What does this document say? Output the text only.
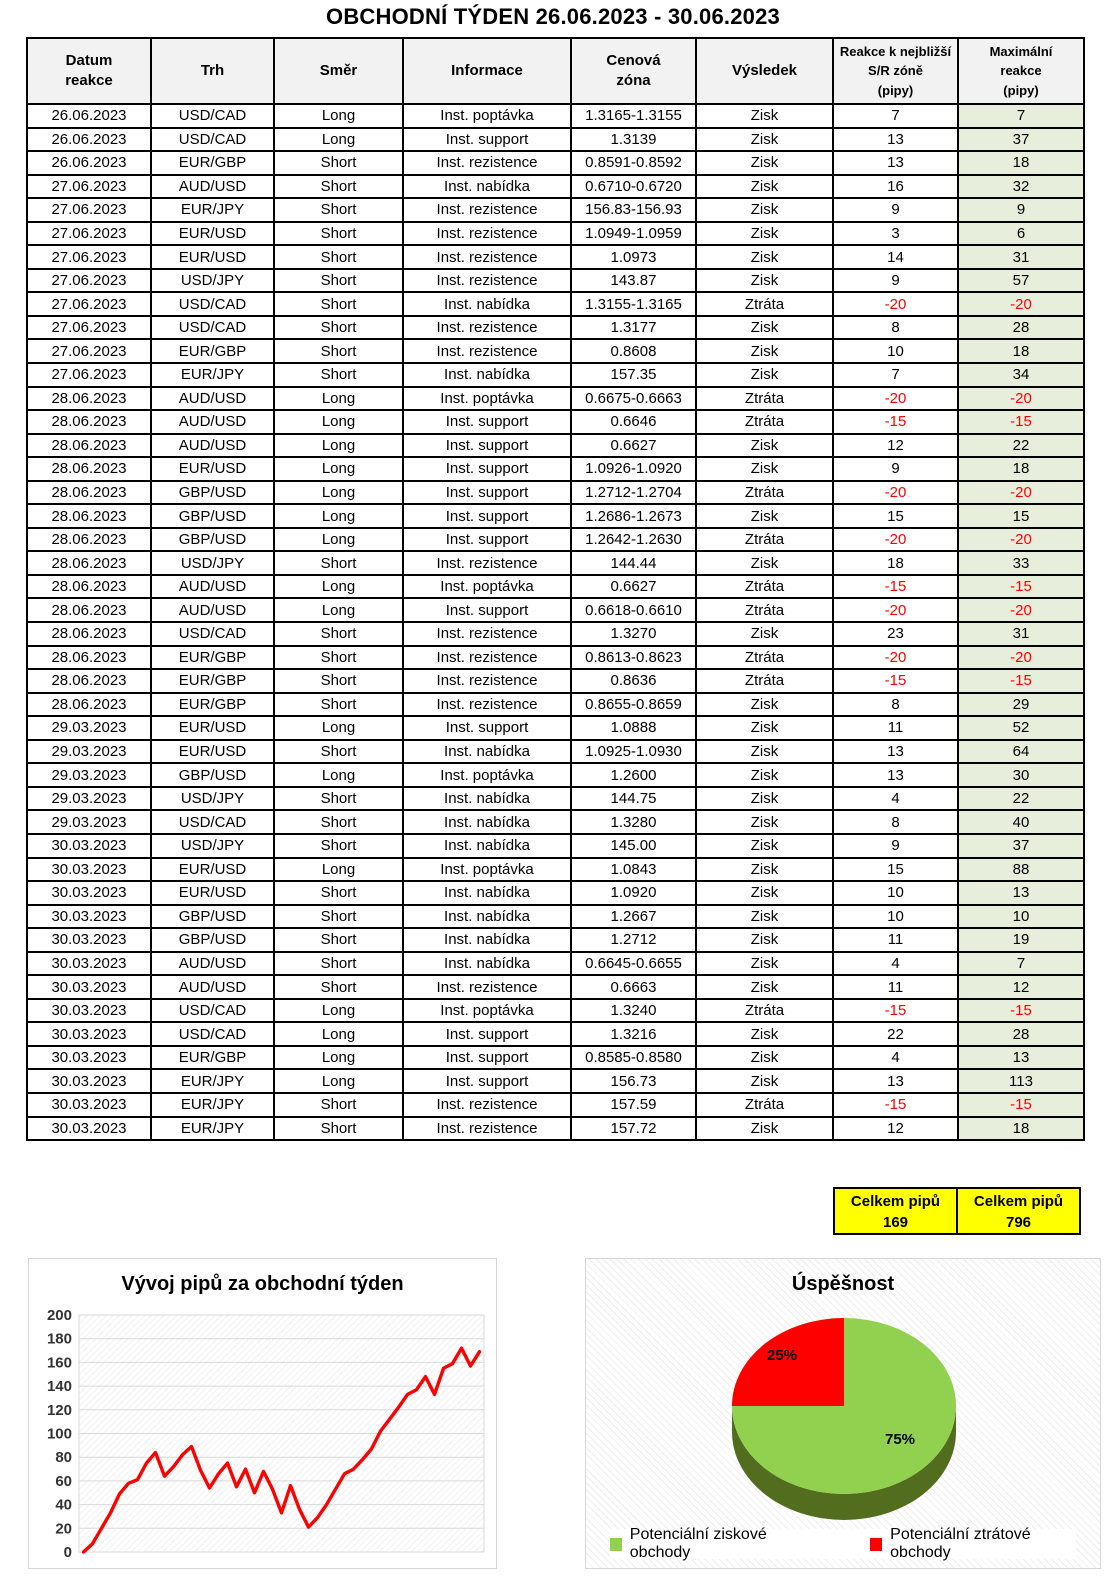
OBCHODNÍ TÝDEN 26.06.2023 - 30.06.2023
Datum
reakce	Trh	Směr	Informace	Cenová
zóna	Výsledek	Reakce k nejbližší
S/R zóně
(pipy)	Maximální
reakce
(pipy)
26.06.2023	USD/CAD	Long	Inst. poptávka	1.3165-1.3155	Zisk	7	7
26.06.2023	USD/CAD	Long	Inst. support	1.3139	Zisk	13	37
26.06.2023	EUR/GBP	Short	Inst. rezistence	0.8591-0.8592	Zisk	13	18
27.06.2023	AUD/USD	Short	Inst. nabídka	0.6710-0.6720	Zisk	16	32
27.06.2023	EUR/JPY	Short	Inst. rezistence	156.83-156.93	Zisk	9	9
27.06.2023	EUR/USD	Short	Inst. rezistence	1.0949-1.0959	Zisk	3	6
27.06.2023	EUR/USD	Short	Inst. rezistence	1.0973	Zisk	14	31
27.06.2023	USD/JPY	Short	Inst. rezistence	143.87	Zisk	9	57
27.06.2023	USD/CAD	Short	Inst. nabídka	1.3155-1.3165	Ztráta	-20	-20
27.06.2023	USD/CAD	Short	Inst. rezistence	1.3177	Zisk	8	28
27.06.2023	EUR/GBP	Short	Inst. rezistence	0.8608	Zisk	10	18
27.06.2023	EUR/JPY	Short	Inst. nabídka	157.35	Zisk	7	34
28.06.2023	AUD/USD	Long	Inst. poptávka	0.6675-0.6663	Ztráta	-20	-20
28.06.2023	AUD/USD	Long	Inst. support	0.6646	Ztráta	-15	-15
28.06.2023	AUD/USD	Long	Inst. support	0.6627	Zisk	12	22
28.06.2023	EUR/USD	Long	Inst. support	1.0926-1.0920	Zisk	9	18
28.06.2023	GBP/USD	Long	Inst. support	1.2712-1.2704	Ztráta	-20	-20
28.06.2023	GBP/USD	Long	Inst. support	1.2686-1.2673	Zisk	15	15
28.06.2023	GBP/USD	Long	Inst. support	1.2642-1.2630	Ztráta	-20	-20
28.06.2023	USD/JPY	Short	Inst. rezistence	144.44	Zisk	18	33
28.06.2023	AUD/USD	Long	Inst. poptávka	0.6627	Ztráta	-15	-15
28.06.2023	AUD/USD	Long	Inst. support	0.6618-0.6610	Ztráta	-20	-20
28.06.2023	USD/CAD	Short	Inst. rezistence	1.3270	Zisk	23	31
28.06.2023	EUR/GBP	Short	Inst. rezistence	0.8613-0.8623	Ztráta	-20	-20
28.06.2023	EUR/GBP	Short	Inst. rezistence	0.8636	Ztráta	-15	-15
28.06.2023	EUR/GBP	Short	Inst. rezistence	0.8655-0.8659	Zisk	8	29
29.03.2023	EUR/USD	Long	Inst. support	1.0888	Zisk	11	52
29.03.2023	EUR/USD	Short	Inst. nabídka	1.0925-1.0930	Zisk	13	64
29.03.2023	GBP/USD	Long	Inst. poptávka	1.2600	Zisk	13	30
29.03.2023	USD/JPY	Short	Inst. nabídka	144.75	Zisk	4	22
29.03.2023	USD/CAD	Short	Inst. nabídka	1.3280	Zisk	8	40
30.03.2023	USD/JPY	Short	Inst. nabídka	145.00	Zisk	9	37
30.03.2023	EUR/USD	Long	Inst. poptávka	1.0843	Zisk	15	88
30.03.2023	EUR/USD	Short	Inst. nabídka	1.0920	Zisk	10	13
30.03.2023	GBP/USD	Short	Inst. nabídka	1.2667	Zisk	10	10
30.03.2023	GBP/USD	Short	Inst. nabídka	1.2712	Zisk	11	19
30.03.2023	AUD/USD	Short	Inst. nabídka	0.6645-0.6655	Zisk	4	7
30.03.2023	AUD/USD	Short	Inst. rezistence	0.6663	Zisk	11	12
30.03.2023	USD/CAD	Long	Inst. poptávka	1.3240	Ztráta	-15	-15
30.03.2023	USD/CAD	Long	Inst. support	1.3216	Zisk	22	28
30.03.2023	EUR/GBP	Long	Inst. support	0.8585-0.8580	Zisk	4	13
30.03.2023	EUR/JPY	Long	Inst. support	156.73	Zisk	13	113
30.03.2023	EUR/JPY	Short	Inst. rezistence	157.59	Ztráta	-15	-15
30.03.2023	EUR/JPY	Short	Inst. rezistence	157.72	Zisk	12	18
Celkem pipů
169
Celkem pipů
796
Vývoj pipů za obchodní týden
0
20
40
60
80
100
120
140
160
180
200
Úspěšnost
25%
75%
Potenciální ziskové obchody
Potenciální ztrátové obchody
